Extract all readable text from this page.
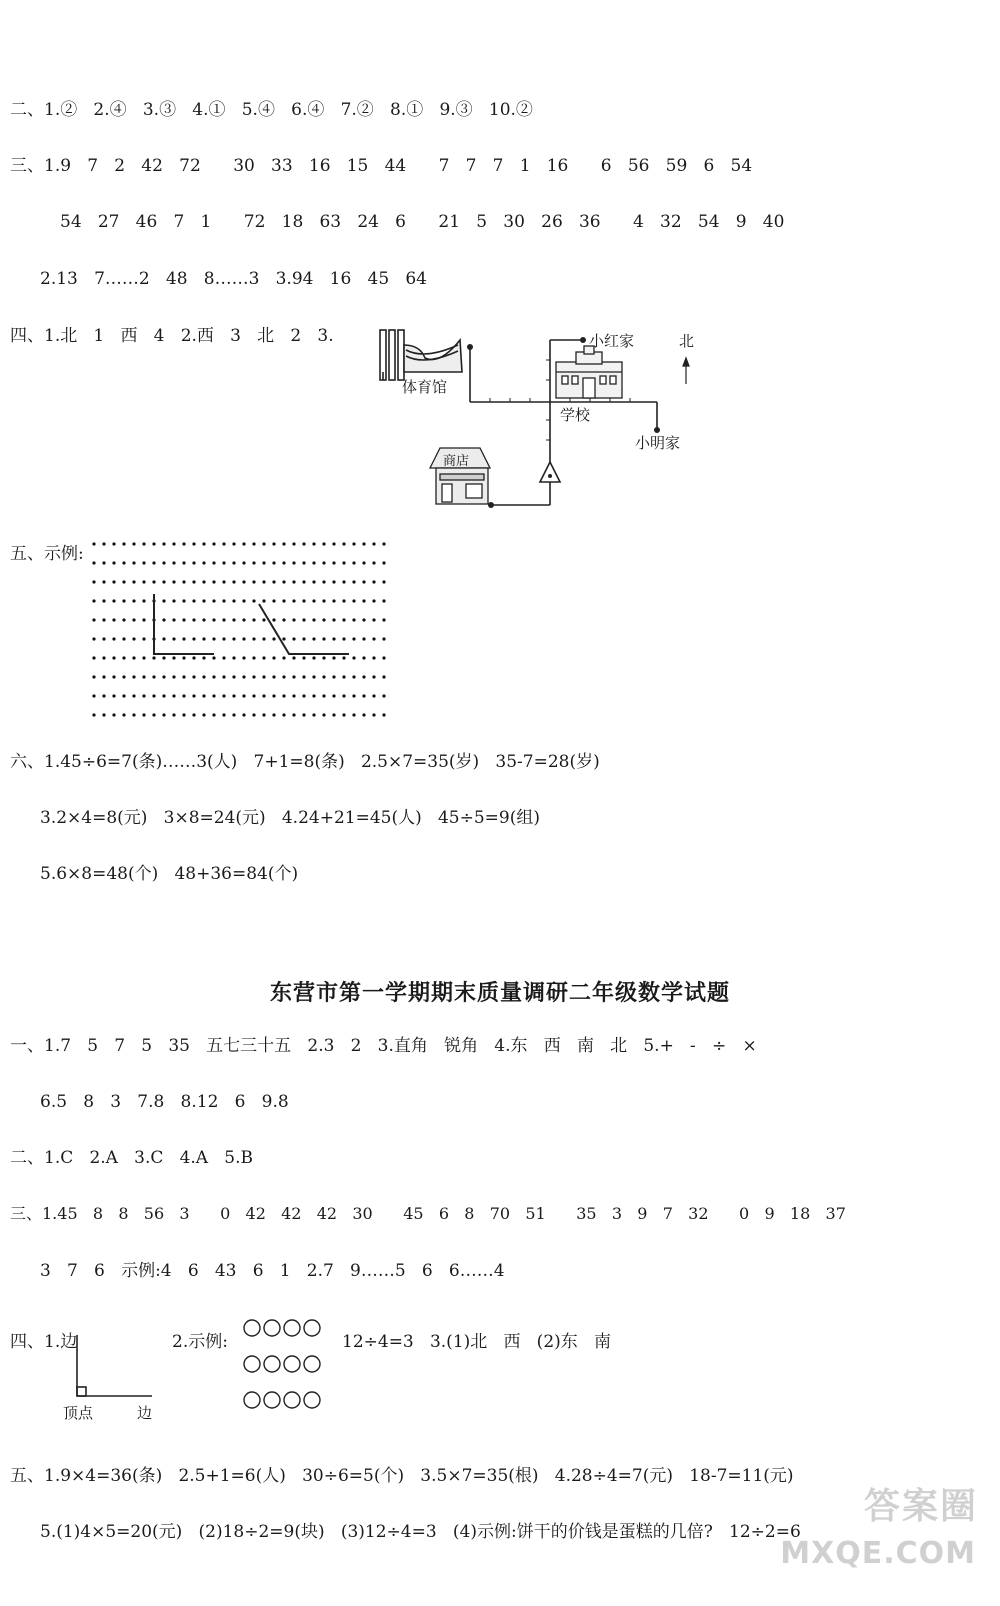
二、1.②   2.④   3.③   4.①   5.④   6.④   7.②   8.①   9.③   10.②
三、1.9   7   2   42   72      30   33   16   15   44      7   7   7   1   16      6   56   59   6   54
54   27   46   7   1      72   18   63   24   6      21   5   30   26   36      4   32   54   9   40
2.13   7……2   48   8……3   3.94   16   45   64
四、1.北   1   西   4   2.西   3   北   2   3.
体育馆
小红家	北
学校
小明家
商店
五、示例:
六、1.45÷6=7(条)……3(人)   7+1=8(条)   2.5×7=35(岁)   35-7=28(岁)
3.2×4=8(元)   3×8=24(元)   4.24+21=45(人)   45÷5=9(组)
5.6×8=48(个)   48+36=84(个)
东营市第一学期期末质量调研二年级数学试题
一、1.7   5   7   5   35   五七三十五   2.3   2   3.直角   锐角   4.东   西   南   北   5.+   -   ÷   ×
6.5   8   3   7.8   8.12   6   9.8
二、1.C   2.A   3.C   4.A   5.B
三、1.45   8   8   56   3      0   42   42   42   30      45   6   8   70   51      35   3   9   7   32      0   9   18   37
3   7   6   示例:4   6   43   6   1   2.7   9……5   6   6……4
四、1.边	2.示例:	12÷4=3   3.(1)北   西   (2)东   南
顶点	边
五、1.9×4=36(条)   2.5+1=6(人)   30÷6=5(个)   3.5×7=35(根)   4.28÷4=7(元)   18-7=11(元)
5.(1)4×5=20(元)   (2)18÷2=9(块)   (3)12÷4=3   (4)示例:饼干的价钱是蛋糕的几倍?   12÷2=6
答案圈
MXQE.COM
